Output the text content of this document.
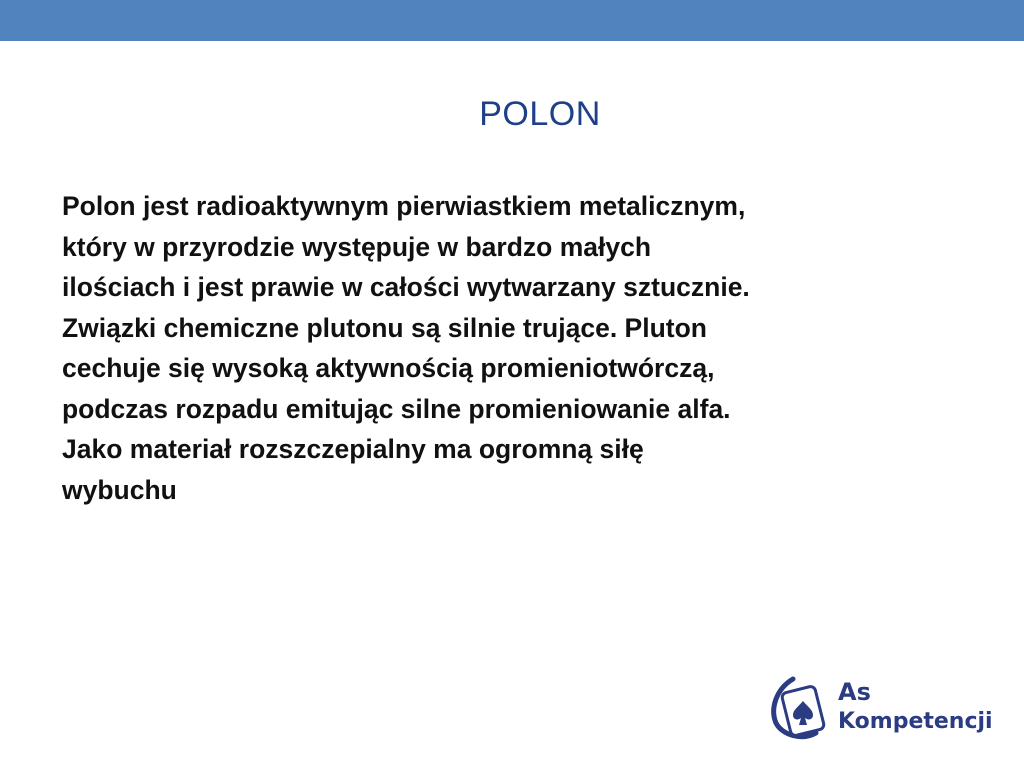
POLON

Polon jest radioaktywnym pierwiastkiem metalicznym,
który w przyrodzie występuje w bardzo małych
ilościach i jest prawie w całości wytwarzany sztucznie.
Związki chemiczne plutonu są silnie trujące. Pluton
cechuje się wysoką aktywnością promieniotwórczą,
podczas rozpadu emitując silne promieniowanie alfa.
Jako materiał rozszczepialny ma ogromną siłę
wybuchu

As
Kompetencji
